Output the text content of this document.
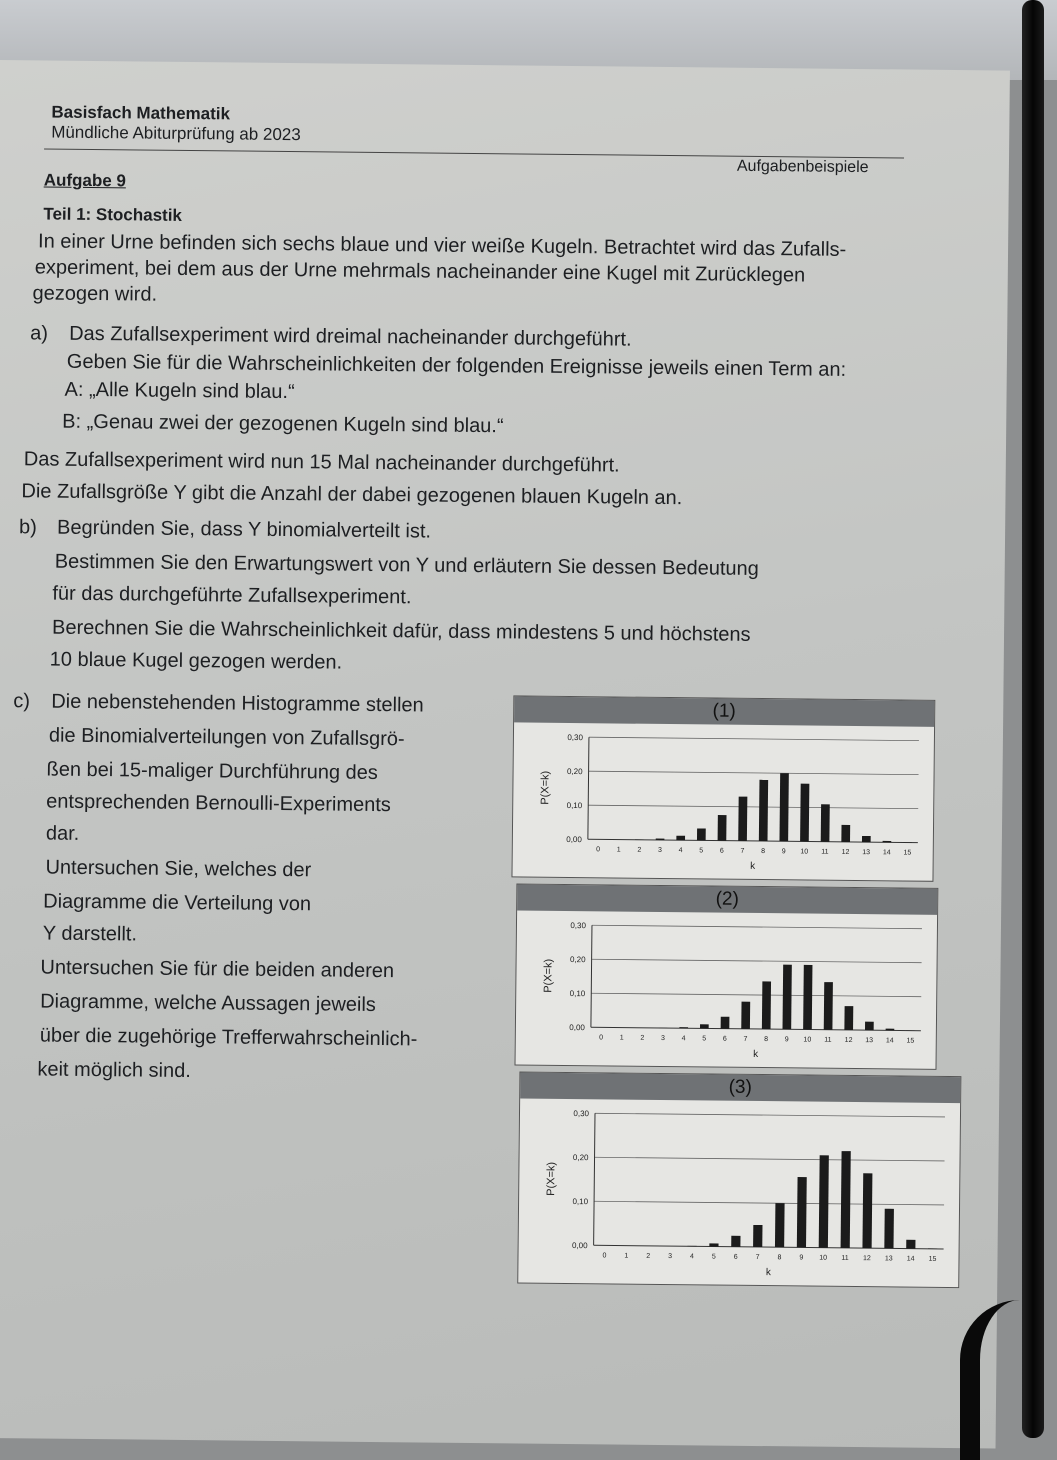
Basisfach Mathematik
Mündliche Abiturprüfung ab 2023
Aufgabenbeispiele
Aufgabe 9
Teil 1: Stochastik
In einer Urne befinden sich sechs blaue und vier weiße Kugeln. Betrachtet wird das Zufalls-
experiment, bei dem aus der Urne mehrmals nacheinander eine Kugel mit Zurücklegen
gezogen wird.
a) Das Zufallsexperiment wird dreimal nacheinander durchgeführt.
Geben Sie für die Wahrscheinlichkeiten der folgenden Ereignisse jeweils einen Term an:
A: „Alle Kugeln sind blau.“
B: „Genau zwei der gezogenen Kugeln sind blau.“
Das Zufallsexperiment wird nun 15 Mal nacheinander durchgeführt.
Die Zufallsgröße Y gibt die Anzahl der dabei gezogenen blauen Kugeln an.
b) Begründen Sie, dass Y binomialverteilt ist.
Bestimmen Sie den Erwartungswert von Y und erläutern Sie dessen Bedeutung
für das durchgeführte Zufallsexperiment.
Berechnen Sie die Wahrscheinlichkeit dafür, dass mindestens 5 und höchstens
10 blaue Kugel gezogen werden.
c) Die nebenstehenden Histogramme stellen
die Binomialverteilungen von Zufallsgrö-
ßen bei 15-maliger Durchführung des
entsprechenden Bernoulli-Experiments
dar.
Untersuchen Sie, welches der
Diagramme die Verteilung von
Y darstellt.
Untersuchen Sie für die beiden anderen
Diagramme, welche Aussagen jeweils
über die zugehörige Trefferwahrscheinlich-
keit möglich sind.
(1)
0,00
0,10
0,20
0,30
P(X=k)
0 1 2 3 4 5 6 7 8 9 10 11 12 13 14 15
k
(2)
0,00
0,10
0,20
0,30
P(X=k)
0 1 2 3 4 5 6 7 8 9 10 11 12 13 14 15
k
(3)
0,00
0,10
0,20
0,30
P(X=k)
0	1	2	3	4	5	6	7	8	9 10 11 12 13 14 15
k
